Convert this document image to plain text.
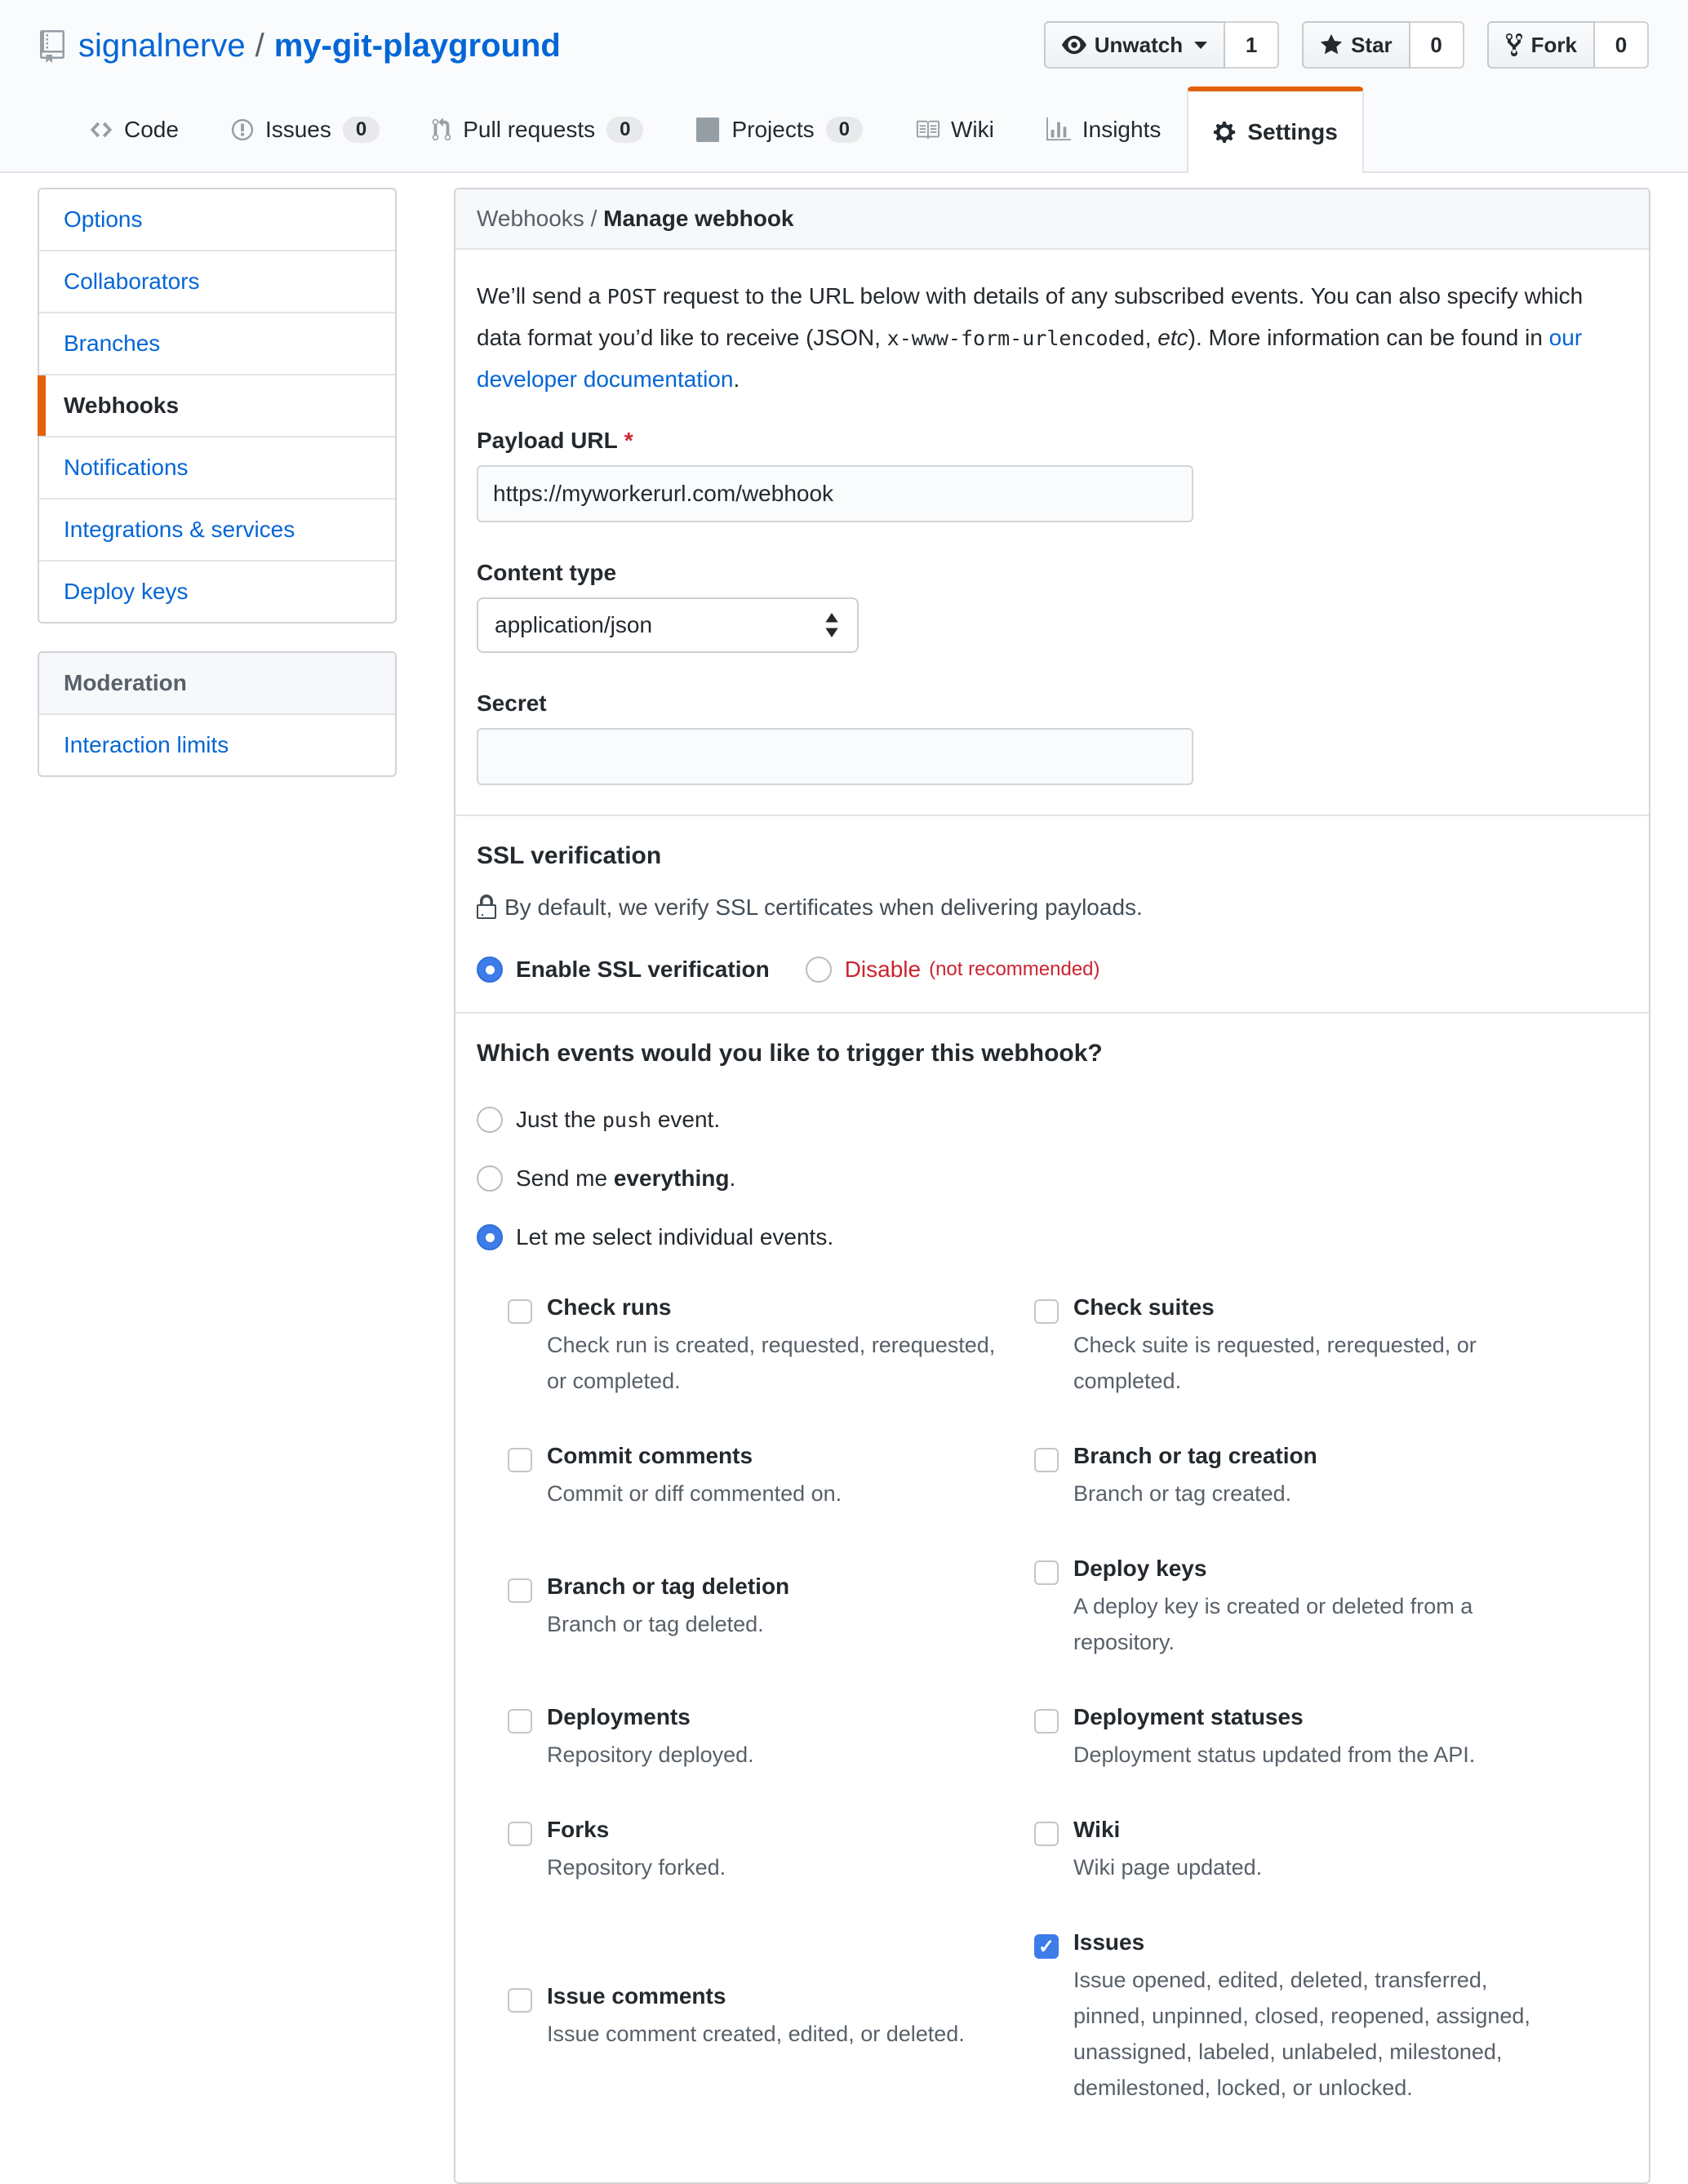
signalnerve / my-git-playground	Unwatch	1	Star	0	Fork	0
Code	Issues	0	Pull requests	0	Projects	0	Wiki	Insights	Settings
Options
Collaborators
Branches
Webhooks
Notifications
Integrations & services
Deploy keys
Moderation
Interaction limits
Webhooks / Manage webhook

We’ll send a POST request to the URL below with details of any subscribed events. You can also specify which data format you’d like to receive (JSON, x-www-form-urlencoded, etc). More information can be found in our developer documentation.

Payload URL *
https://myworkerurl.com/webhook
Content type
application/json
Secret
SSL verification
By default, we verify SSL certificates when delivering payloads.
Enable SSL verification	Disable (not recommended)
Which events would you like to trigger this webhook?
Just the push event.
Send me everything.
Let me select individual events.
Check runs
Check run is created, requested, rerequested, or completed.
Check suites
Check suite is requested, rerequested, or completed.
Commit comments
Commit or diff commented on.
Branch or tag creation
Branch or tag created.
Branch or tag deletion
Branch or tag deleted.
Deploy keys
A deploy key is created or deleted from a repository.
Deployments
Repository deployed.
Deployment statuses
Deployment status updated from the API.
Forks
Repository forked.
Wiki
Wiki page updated.
Issue comments
Issue comment created, edited, or deleted.
✓
Issues
Issue opened, edited, deleted, transferred, pinned, unpinned, closed, reopened, assigned, unassigned, labeled, unlabeled, milestoned, demilestoned, locked, or unlocked.
